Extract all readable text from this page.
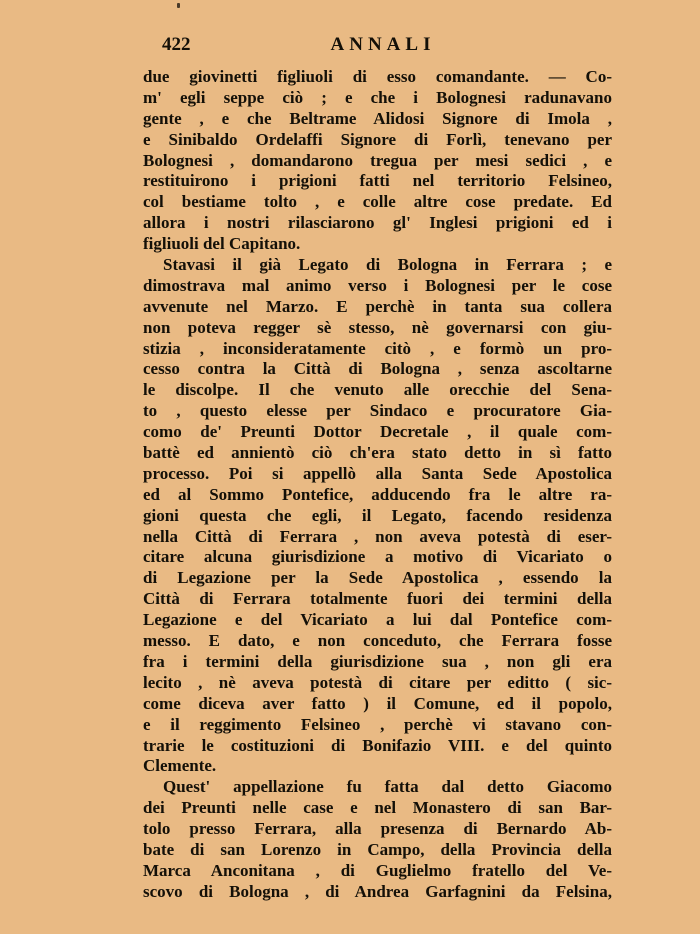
422	ANNALI
due giovinetti figliuoli di esso comandante. — Co-
m' egli seppe ciò ; e che i Bolognesi radunavano
gente , e che Beltrame Alidosi Signore di Imola ,
e Sinibaldo Ordelaffi Signore di Forlì, tenevano per
Bolognesi , domandarono tregua per mesi sedici , e
restituirono i prigioni fatti nel territorio Felsineo,
col bestiame tolto , e colle altre cose predate. Ed
allora i nostri rilasciarono gl' Inglesi prigioni ed i
figliuoli del Capitano.
Stavasi il già Legato di Bologna in Ferrara ; e
dimostrava mal animo verso i Bolognesi per le cose
avvenute nel Marzo. E perchè in tanta sua collera
non poteva regger sè stesso, nè governarsi con giu-
stizia , inconsideratamente citò , e formò un pro-
cesso contra la Città di Bologna , senza ascoltarne
le discolpe. Il che venuto alle orecchie del Sena-
to , questo elesse per Sindaco e procuratore Gia-
como de' Preunti Dottor Decretale , il quale com-
battè ed annientò ciò ch'era stato detto in sì fatto
processo. Poi si appellò alla Santa Sede Apostolica
ed al Sommo Pontefice, adducendo fra le altre ra-
gioni questa che egli, il Legato, facendo residenza
nella Città di Ferrara , non aveva potestà di eser-
citare alcuna giurisdizione a motivo di Vicariato o
di Legazione per la Sede Apostolica , essendo la
Città di Ferrara totalmente fuori dei termini della
Legazione e del Vicariato a lui dal Pontefice com-
messo. E dato, e non conceduto, che Ferrara fosse
fra i termini della giurisdizione sua , non gli era
lecito , nè aveva potestà di citare per editto ( sic-
come diceva aver fatto ) il Comune, ed il popolo,
e il reggimento Felsineo , perchè vi stavano con-
trarie le costituzioni di Bonifazio VIII. e del quinto
Clemente.
Quest' appellazione fu fatta dal detto Giacomo
dei Preunti nelle case e nel Monastero di san Bar-
tolo presso Ferrara, alla presenza di Bernardo Ab-
bate di san Lorenzo in Campo, della Provincia della
Marca Anconitana , di Guglielmo fratello del Ve-
scovo di Bologna , di Andrea Garfagnini da Felsina,
